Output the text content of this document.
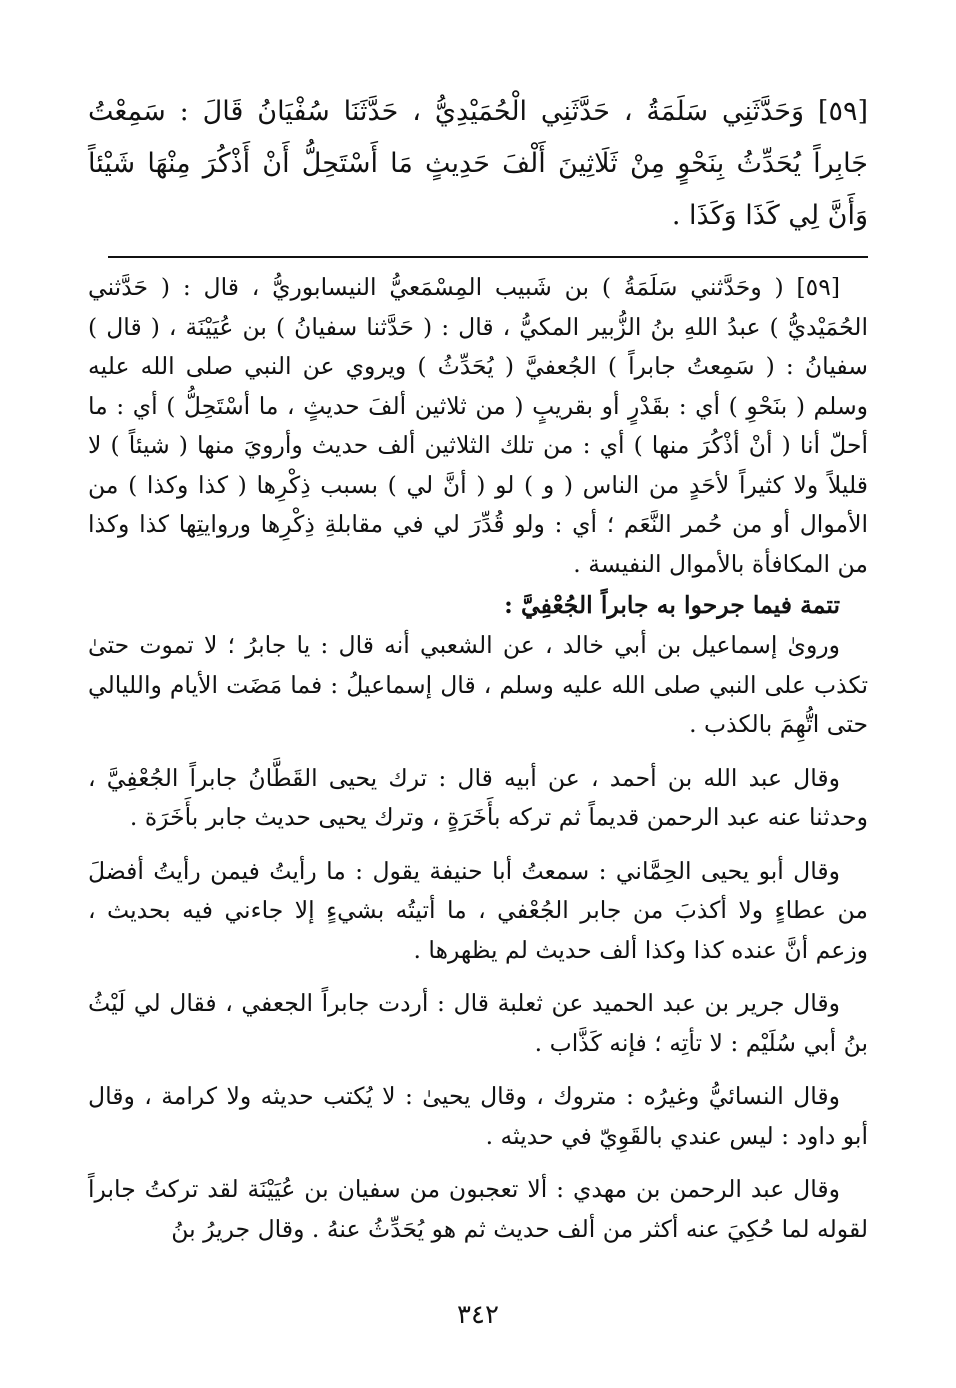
[٥٩] وَحَدَّثَنِي سَلَمَةُ ، حَدَّثَنِي الْحُمَيْدِيُّ ، حَدَّثَنَا سُفْيَانُ قَالَ : سَمِعْتُ جَابِراً يُحَدِّثُ بِنَحْوٍ مِنْ ثَلَاثِينَ أَلْفَ حَدِيثٍ مَا أَسْتَحِلُّ أَنْ أَذْكُرَ مِنْهَا شَيْئاً وَأَنَّ لِي كَذَا وَكَذَا .

[٥٩] ( وحَدَّثني سَلَمَةُ ) بن شَبيب المِسْمَعيُّ النيسابوريُّ ، قال : ( حَدَّثني الحُمَيْديُّ ) عبدُ اللهِ بنُ الزُّبير المكيُّ ، قال : ( حَدَّثنا سفيانُ ) بن عُيَيْنَة ، ( قال ) سفيانُ : ( سَمِعتُ جابراً ) الجُعفيَّ ( يُحَدِّثُ ) ويروي عن النبي صلى الله عليه وسلم ( بنَحْوِ ) أي : بقَدْرٍ أو بقريبٍ ( من ثلاثين ألفَ حديثٍ ، ما أسْتَحِلُّ ) أي : ما أحلّ أنا ( أنْ أذْكُرَ منها ) أي : من تلك الثلاثين ألف حديث وأرويَ منها ( شيئاً ) لا قليلاً ولا كثيراً لأحَدٍ من الناس ( و ) لو ( أنَّ لي ) بسبب ذِكْرِها ( كذا وكذا ) من الأموال أو من حُمر النَّعَم ؛ أي : ولو قُدِّرَ لي في مقابلةِ ذِكْرِها وروايتِها كذا وكذا من المكافأة بالأموال النفيسة .

تتمة فيما جرحوا به جابراً الجُعْفِيَّ :

وروىٰ إسماعيل بن أبي خالد ، عن الشعبي أنه قال : يا جابرُ ؛ لا تموت حتىٰ تكذب على النبي صلى الله عليه وسلم ، قال إسماعيلُ : فما مَضَت الأيام والليالي حتى اتُّهِمَ بالكذب .

وقال عبد الله بن أحمد ، عن أبيه قال : ترك يحيى القَطَّانُ جابراً الجُعْفِيَّ ، وحدثنا عنه عبد الرحمن قديماً ثم تركه بأَخَرَةٍ ، وترك يحيى حديث جابر بأَخَرَة .

وقال أبو يحيى الحِمَّاني : سمعتُ أبا حنيفة يقول : ما رأيتُ فيمن رأيتُ أفضلَ من عطاءٍ ولا أكذبَ من جابر الجُعْفي ، ما أتيتُه بشيءٍ إلا جاءني فيه بحديث ، وزعم أنَّ عنده كذا وكذا ألف حديث لم يظهرها .

وقال جرير بن عبد الحميد عن ثعلبة قال : أردت جابراً الجعفي ، فقال لي لَيْثُ بنُ أبي سُلَيْم : لا تأتِه ؛ فإنه كَذَّاب .

وقال النسائيُّ وغيرُه : متروك ، وقال يحيىٰ : لا يُكتب حديثه ولا كرامة ، وقال أبو داود : ليس عندي بالقَوِيّ في حديثه .

وقال عبد الرحمن بن مهدي : ألا تعجبون من سفيان بن عُيَيْنَة لقد تركتُ جابراً لقوله لما حُكِيَ عنه أكثر من ألف حديث ثم هو يُحَدِّثُ عنهُ . وقال جريرُ بنُ

٣٤٢
